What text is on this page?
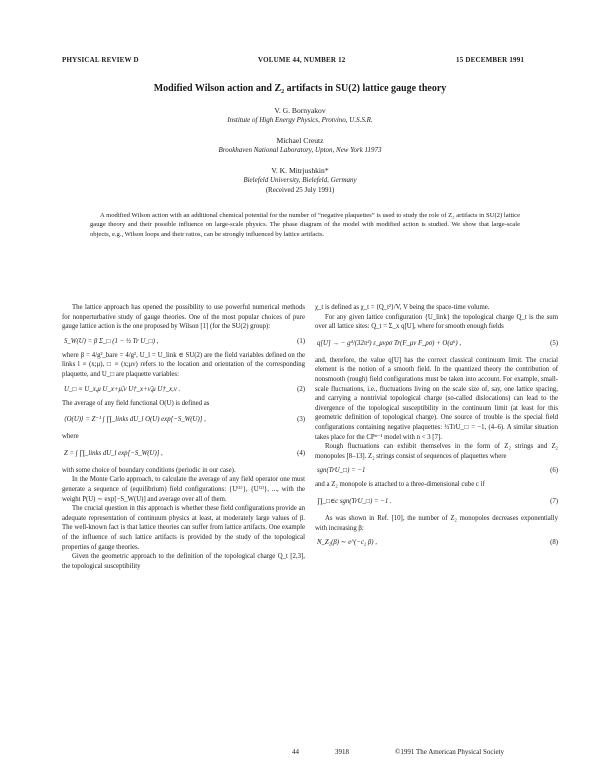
PHYSICAL REVIEW D	VOLUME 44, NUMBER 12	15 DECEMBER 1991
Modified Wilson action and Z₂ artifacts in SU(2) lattice gauge theory
V. G. Bornyakov
Institute of High Energy Physics, Protvino, U.S.S.R.
Michael Creutz
Brookhaven National Laboratory, Upton, New York 11973
V. K. Mitrjushkin*
Bielefeld University, Bielefeld, Germany
(Received 25 July 1991)

A modified Wilson action with an additional chemical potential for the number of “negative plaquettes” is used to study the role of Z₂ artifacts in SU(2) lattice gauge theory and their possible influence on large-scale physics. The phase diagram of the model with modified action is studied. We show that large-scale objects, e.g., Wilson loops and their ratios, can be strongly influenced by lattice artifacts.

The lattice approach has opened the possibility to use powerful numerical methods for nonperturbative study of gauge theories. One of the most popular choices of pure gauge lattice action is the one proposed by Wilson [1] (for the SU(2) group):

S_W(U) = β Σ_□ (1 − ½ Tr U_□) ,	(1)

where β = 4/g²_bare = 4/g², U_l = U_link ∈ SU(2) are the field variables defined on the links l ≡ (x;μ), □ ≡ (x;μν) refers to the location and orientation of the corresponding plaquette, and U_□ are plaquette variables:

U_□ ≡ U_x,μ U_x+μ̂,ν U†_x+ν̂,μ U†_x,ν .	(2)

The average of any field functional O(U) is defined as

⟨O(U)⟩ = Z⁻¹ ∫ ∏_links dU_l O(U) exp[−S_W(U)] ,	(3)

where

Z = ∫ ∏_links dU_l exp[−S_W(U)] ,	(4)

with some choice of boundary conditions (periodic in our case).

In the Monte Carlo approach, to calculate the average of any field operator one must generate a sequence of (equilibrium) field configurations: {U⁽¹⁾}, {U⁽²⁾}, ..., with the weight P(U) ∼ exp[−S_W(U)] and average over all of them.

The crucial question in this approach is whether these field configurations provide an adequate representation of continuum physics at least, at moderately large values of β. The well-known fact is that lattice theories can suffer from lattice artifacts. One example of the influence of such lattice artifacts is provided by the study of the topological properties of gauge theories.

Given the geometric approach to the definition of the topological charge Q_t [2,3], the topological susceptibility

χ_t is defined as χ_t = ⟨Q_t²⟩/V, V being the space-time volume.

For any given lattice configuration {U_link} the topological charge Q_t is the sum over all lattice sites: Q_t = Σ_x q[U], where for smooth enough fields

q[U] → − g⁴/(32π²) ε_μνρσ Tr(F_μν F_ρσ) + O(a⁶) ,	(5)

and, therefore, the value q[U] has the correct classical continuum limit. The crucial element is the notion of a smooth field. In the quantized theory the contribution of nonsmooth (rough) field configurations must be taken into account. For example, small-scale fluctuations, i.e., fluctuations living on the scale size of, say, one lattice spacing, and carrying a nontrivial topological charge (so-called dislocations) can lead to the divergence of the topological susceptibility in the continuum limit (at least for this geometric definition of topological charge). One source of trouble is the special field configurations containing negative plaquettes: ½TrU_□ = −1, (4–6). A similar situation takes place for the CPⁿ⁻¹ model with n < 3 [7].

Rough fluctuations can exhibit themselves in the form of Z₂ strings and Z₂ monopoles [8–13]. Z₂ strings consist of sequences of plaquettes where

sgn(TrU_□) = −1	(6)

and a Z₂ monopole is attached to a three-dimensional cube c if

∏_□∈c sgn(TrU_□) = −1 .	(7)

As was shown in Ref. [10], the number of Z₂ monopoles decreases exponentially with increasing β:

N_Z₂(β) ∼ e^(−c₂ β) ,	(8)
44	3918	©1991 The American Physical Society
